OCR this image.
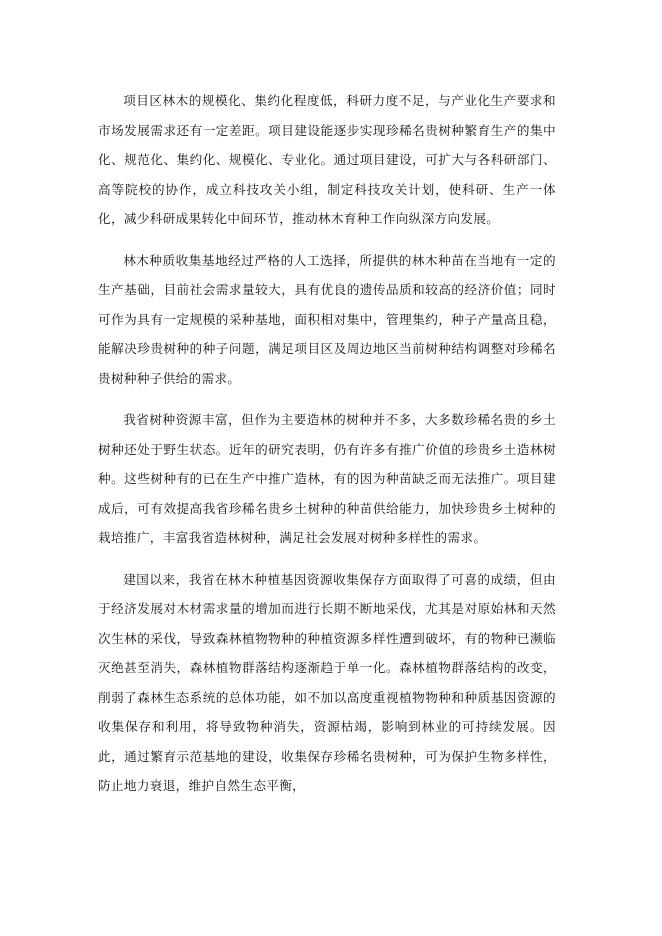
项目区林木的规模化、集约化程度低，科研力度不足，与产业化生产要求和市场发展需求还有一定差距。项目建设能逐步实现珍稀名贵树种繁育生产的集中化、规范化、集约化、规模化、专业化。通过项目建设，可扩大与各科研部门、高等院校的协作，成立科技攻关小组，制定科技攻关计划，使科研、生产一体化，减少科研成果转化中间环节，推动林木育种工作向纵深方向发展。

林木种质收集基地经过严格的人工选择，所提供的林木种苗在当地有一定的生产基础，目前社会需求量较大，具有优良的遗传品质和较高的经济价值；同时可作为具有一定规模的采种基地，面积相对集中，管理集约，种子产量高且稳，能解决珍贵树种的种子问题，满足项目区及周边地区当前树种结构调整对珍稀名贵树种种子供给的需求。

我省树种资源丰富，但作为主要造林的树种并不多，大多数珍稀名贵的乡土树种还处于野生状态。近年的研究表明，仍有许多有推广价值的珍贵乡土造林树种。这些树种有的已在生产中推广造林，有的因为种苗缺乏而无法推广。项目建成后，可有效提高我省珍稀名贵乡土树种的种苗供给能力，加快珍贵乡土树种的栽培推广，丰富我省造林树种，满足社会发展对树种多样性的需求。

建国以来，我省在林木种植基因资源收集保存方面取得了可喜的成绩，但由于经济发展对木材需求量的增加而进行长期不断地采伐，尤其是对原始林和天然次生林的采伐，导致森林植物物种的种植资源多样性遭到破坏，有的物种已濒临灭绝甚至消失，森林植物群落结构逐渐趋于单一化。森林植物群落结构的改变，削弱了森林生态系统的总体功能，如不加以高度重视植物物种和种质基因资源的收集保存和利用，将导致物种消失，资源枯竭，影响到林业的可持续发展。因此，通过繁育示范基地的建设，收集保存珍稀名贵树种，可为保护生物多样性，防止地力衰退，维护自然生态平衡，
